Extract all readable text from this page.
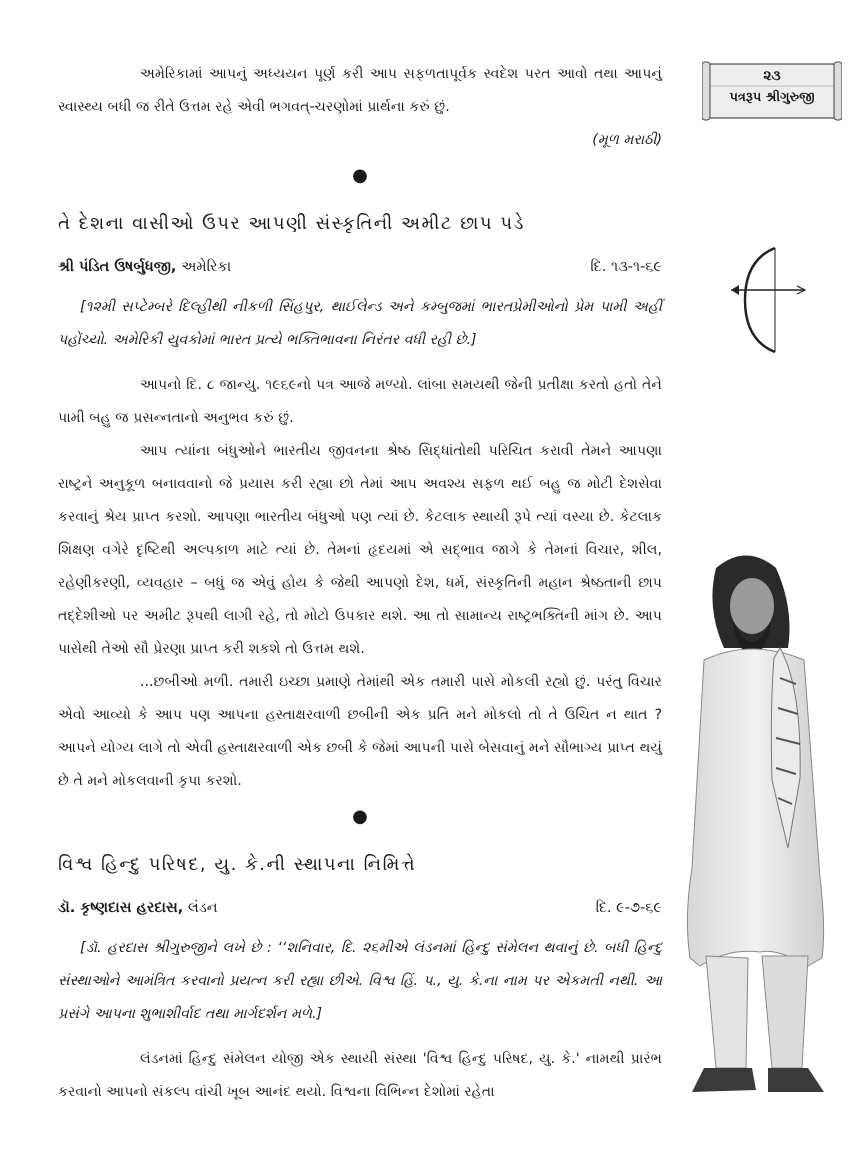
૨૩
પત્રરૂપ શ્રીગુરુજી

અમેરિકામાં આપનું અધ્યયન પૂર્ણ કરી આપ સફળતાપૂર્વક સ્વદેશ પરત આવો તથા આપનું સ્વાસ્થ્ય બધી જ રીતે ઉત્તમ રહે એવી ભગવત્-ચરણોમાં પ્રાર્થના કરું છું.

(મૂળ મરાઠી)

●
તે દેશના વાસીઓ ઉપર આપણી સંસ્કૃતિની અમીટ છાપ પડે
શ્રી પંડિત ઉષર્બુધજી, અમેરિકા	દિ. ૧૩-૧-૬૯

[૧૨મી સપ્ટેમ્બરે દિલ્હીથી નીકળી સિંહપુર, થાઈલેન્ડ અને કમ્બુજમાં ભારતપ્રેમીઓનો પ્રેમ પામી અહીં પહોંચ્યો. અમેરિકી યુવકોમાં ભારત પ્રત્યે ભક્તિભાવના નિરંતર વધી રહી છે.]

આપનો દિ. ૮ જાન્યુ. ૧૯૬૯નો પત્ર આજે મળ્યો. લાંબા સમયથી જેની પ્રતીક્ષા કરતો હતો તેને પામી બહુ જ પ્રસન્નતાનો અનુભવ કરું છું.

આપ ત્યાંના બંધુઓને ભારતીય જીવનના શ્રેષ્ઠ સિદ્ધાંતોથી પરિચિત કરાવી તેમને આપણા રાષ્ટ્રને અનુકૂળ બનાવવાનો જે પ્રયાસ કરી રહ્યા છો તેમાં આપ અવશ્ય સફળ થઈ બહુ જ મોટી દેશસેવા કરવાનું શ્રેય પ્રાપ્ત કરશો. આપણા ભારતીય બંધુઓ પણ ત્યાં છે. કેટલાક સ્થાયી રૂપે ત્યાં વસ્યા છે. કેટલાક શિક્ષણ વગેરે દૃષ્ટિથી અલ્પકાળ માટે ત્યાં છે. તેમનાં હૃદયમાં એ સદ્ભાવ જાગે કે તેમનાં વિચાર, શીલ, રહેણીકરણી, વ્યવહાર – બધું જ એવું હોય કે જેથી આપણો દેશ, ધર્મ, સંસ્કૃતિની મહાન શ્રેષ્ઠતાની છાપ તદ્દેશીઓ પર અમીટ રૂપથી લાગી રહે, તો મોટો ઉપકાર થશે. આ તો સામાન્ય રાષ્ટ્રભક્તિની માંગ છે. આપ પાસેથી તેઓ સૌ પ્રેરણા પ્રાપ્ત કરી શકશે તો ઉત્તમ થશે.

...છબીઓ મળી. તમારી ઇચ્છા પ્રમાણે તેમાંથી એક તમારી પાસે મોકલી રહ્યો છું. પરંતુ વિચાર એવો આવ્યો કે આપ પણ આપના હસ્તાક્ષરવાળી છબીની એક પ્રતિ મને મોકલો તો તે ઉચિત ન થાત ? આપને યોગ્ય લાગે તો એવી હસ્તાક્ષરવાળી એક છબી કે જેમાં આપની પાસે બેસવાનું મને સૌભાગ્ય પ્રાપ્ત થયું છે તે મને મોકલવાની કૃપા કરશો.

●
વિશ્વ હિન્દુ પરિષદ, યુ. કે.ની સ્થાપના નિમિત્તે
ડૉ. કૃષ્ણદાસ હરદાસ, લંડન	દિ. ૯-૭-૬૯

[ડૉ. હરદાસ શ્રીગુરુજીને લખે છે : ‘‘શનિવાર, દિ. ૨૬મીએ લંડનમાં હિન્દુ સંમેલન થવાનું છે. બધી હિન્દુ સંસ્થાઓને આમંત્રિત કરવાનો પ્રયત્ન કરી રહ્યા છીએ. વિશ્વ હિં. પ., યુ. કે.ના નામ પર એકમતી નથી. આ પ્રસંગે આપના શુભાશીર્વાદ તથા માર્ગદર્શન મળે.]

લંડનમાં હિન્દુ સંમેલન યોજી એક સ્થાયી સંસ્થા 'વિશ્વ હિન્દુ પરિષદ, યુ. કે.' નામથી પ્રારંભ કરવાનો આપનો સંકલ્પ વાંચી ખૂબ આનંદ થયો. વિશ્વના વિભિન્ન દેશોમાં રહેતા
